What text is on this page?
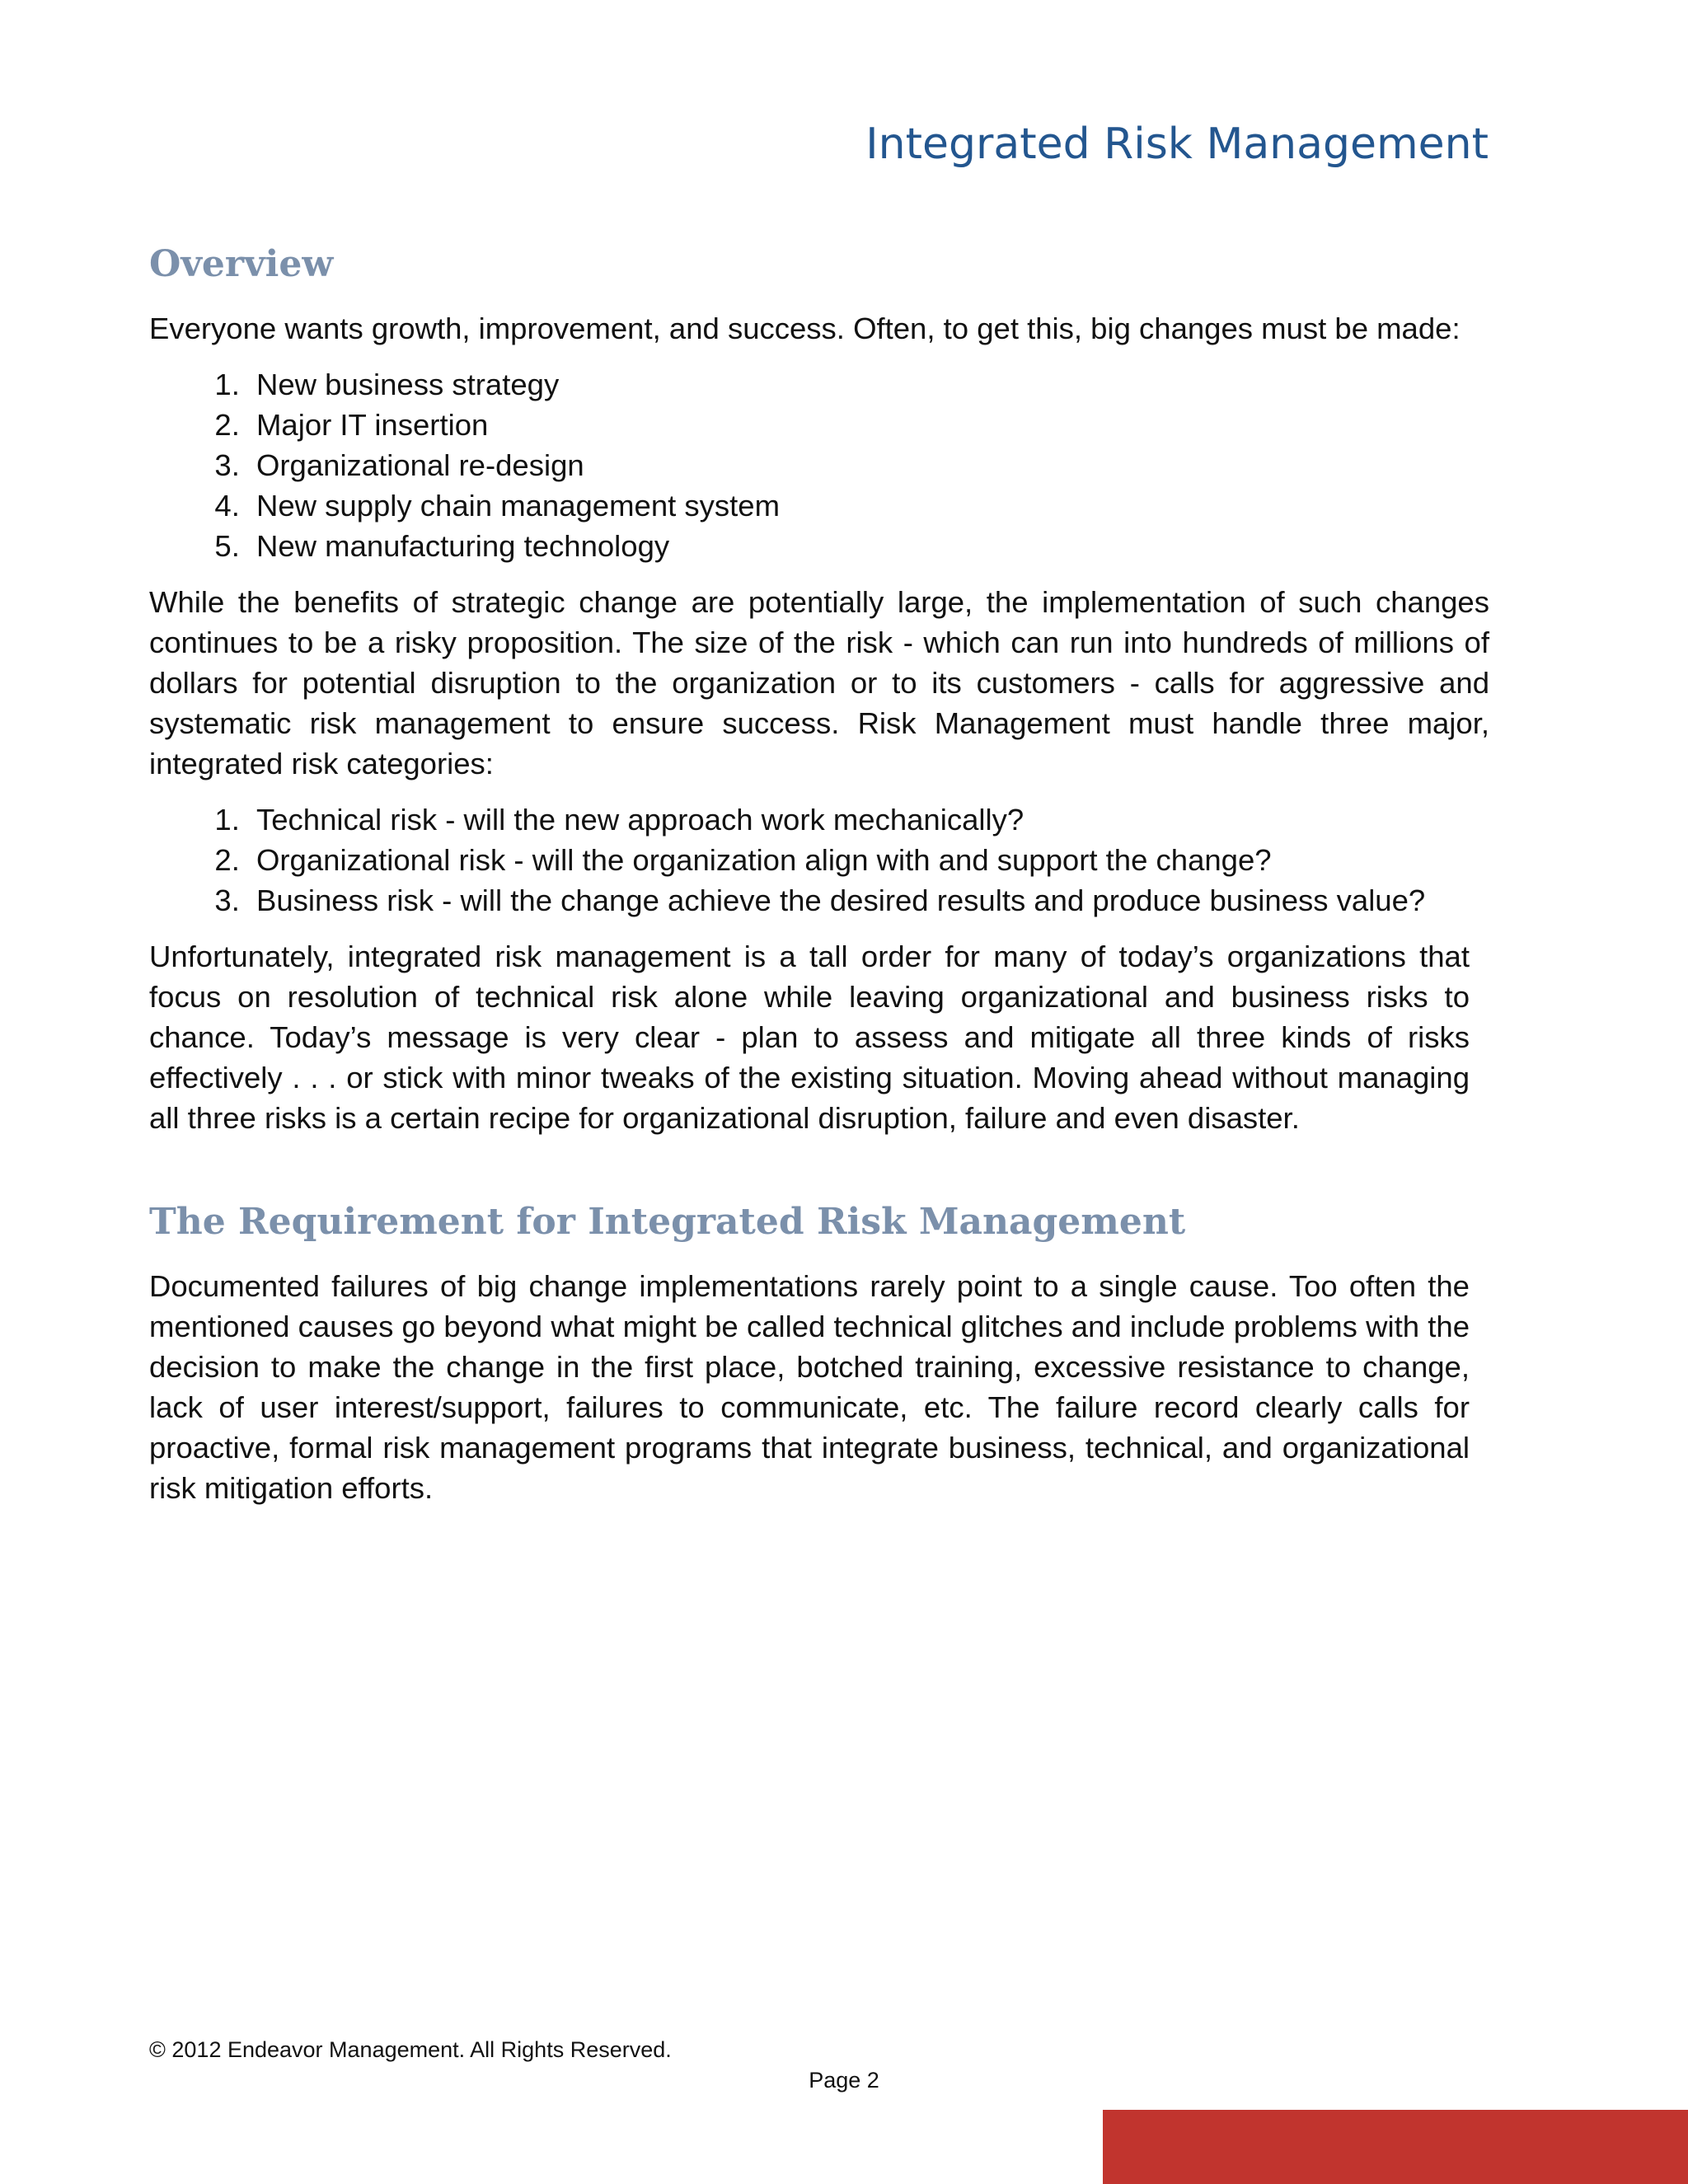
Integrated Risk Management
Overview

Everyone wants growth, improvement, and success. Often, to get this, big changes must be made:

1. New business strategy
2. Major IT insertion
3. Organizational re-design
4. New supply chain management system
5. New manufacturing technology

While the benefits of strategic change are potentially large, the implementation of such changes continues to be a risky proposition. The size of the risk - which can run into hundreds of millions of dollars for potential disruption to the organization or to its customers - calls for aggressive and systematic risk management to ensure success. Risk Management must handle three major, integrated risk categories:

1. Technical risk - will the new approach work mechanically?
2. Organizational risk - will the organization align with and support the change?
3. Business risk - will the change achieve the desired results and produce business value?

Unfortunately, integrated risk management is a tall order for many of today’s organizations that focus on resolution of technical risk alone while leaving organizational and business risks to chance. Today’s message is very clear - plan to assess and mitigate all three kinds of risks effectively . . . or stick with minor tweaks of the existing situation. Moving ahead without managing all three risks is a certain recipe for organizational disruption, failure and even disaster.

The Requirement for Integrated Risk Management

Documented failures of big change implementations rarely point to a single cause. Too often the mentioned causes go beyond what might be called technical glitches and include problems with the decision to make the change in the first place, botched training, excessive resistance to change, lack of user interest/support, failures to communicate, etc. The failure record clearly calls for proactive, formal risk management programs that integrate business, technical, and organizational risk mitigation efforts.

© 2012 Endeavor Management. All Rights Reserved.
Page 2
